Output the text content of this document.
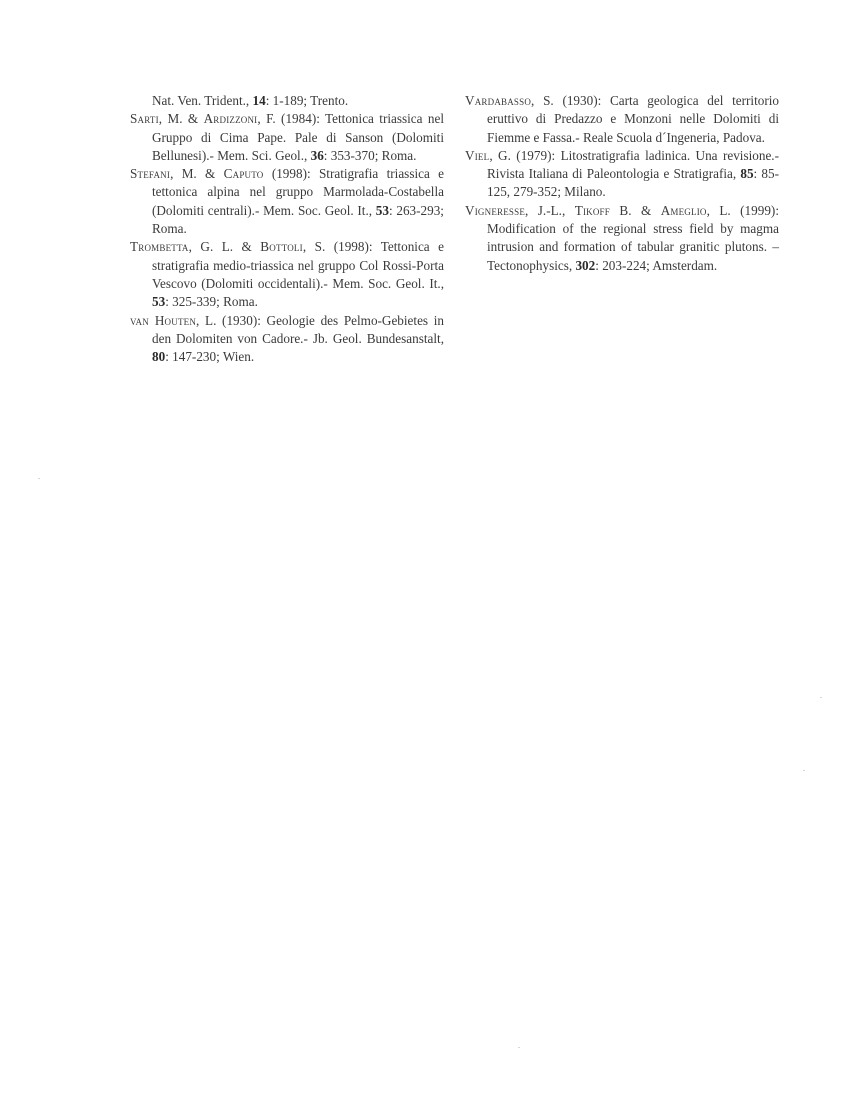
Nat. Ven. Trident., 14: 1-189; Trento.

Sarti, M. & Ardizzoni, F. (1984): Tettonica triassica nel Gruppo di Cima Pape. Pale di Sanson (Dolomiti Bellunesi).- Mem. Sci. Geol., 36: 353-370; Roma.

Stefani, M. & Caputo (1998): Stratigrafia triassica e tettonica alpina nel gruppo Marmolada-Costabella (Dolomiti centrali).- Mem. Soc. Geol. It., 53: 263-293; Roma.

Trombetta, G. L. & Bottoli, S. (1998): Tettonica e stratigrafia medio-triassica nel gruppo Col Rossi-Porta Vescovo (Dolomiti occidentali).- Mem. Soc. Geol. It., 53: 325-339; Roma.

van Houten, L. (1930): Geologie des Pelmo-Gebietes in den Dolomiten von Cadore.- Jb. Geol. Bundesanstalt, 80: 147-230; Wien.

Vardabasso, S. (1930): Carta geologica del territorio eruttivo di Predazzo e Monzoni nelle Dolomiti di Fiemme e Fassa.- Reale Scuola d´Ingeneria, Padova.

Viel, G. (1979): Litostratigrafia ladinica. Una revisione.- Rivista Italiana di Paleontologia e Stratigrafia, 85: 85-125, 279-352; Milano.

Vigneresse, J.-L., Tikoff B. & Ameglio, L. (1999): Modification of the regional stress field by magma intrusion and formation of tabular granitic plutons. – Tectonophysics, 302: 203-224; Amsterdam.
